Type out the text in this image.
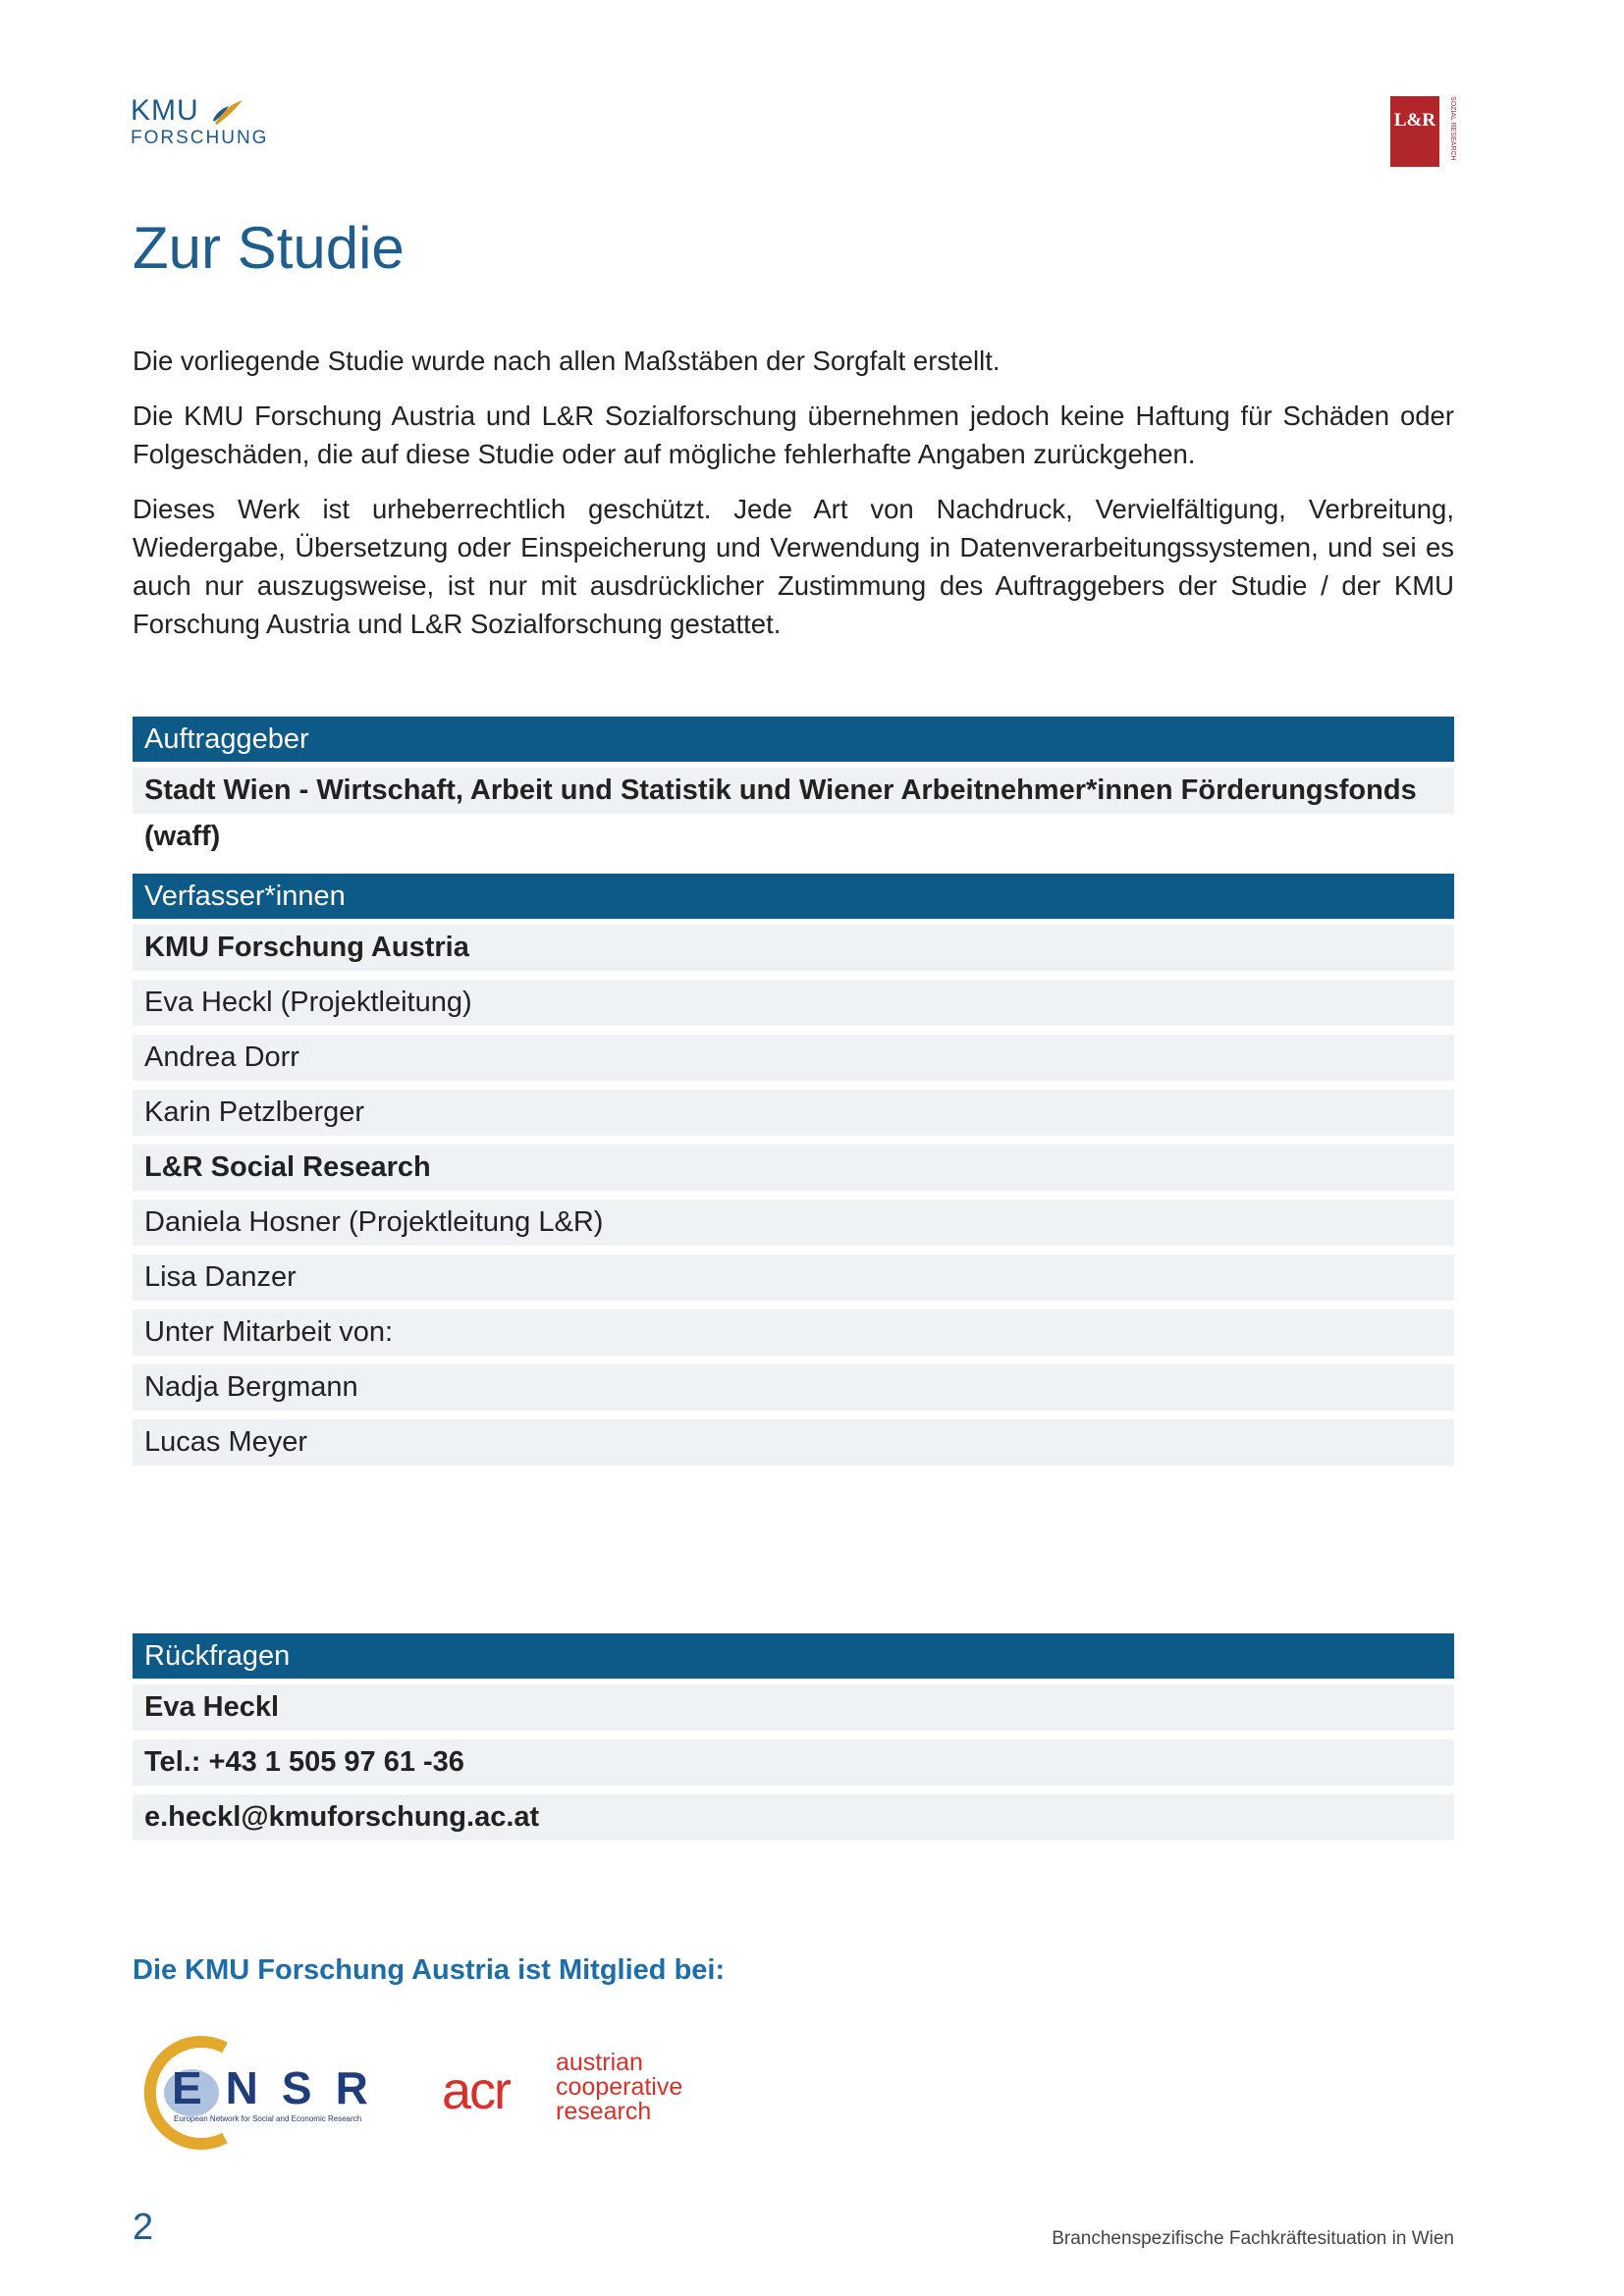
KMU
FORSCHUNG
L&R SOZIAL RESEARCH
Zur Studie

Die vorliegende Studie wurde nach allen Maßstäben der Sorgfalt erstellt.

Die KMU Forschung Austria und L&R Sozialforschung übernehmen jedoch keine Haftung für Schäden oder Folgeschäden, die auf diese Studie oder auf mögliche fehlerhafte Angaben zurückgehen.

Dieses Werk ist urheberrechtlich geschützt. Jede Art von Nachdruck, Vervielfältigung, Verbreitung, Wiedergabe, Übersetzung oder Einspeicherung und Verwendung in Datenverarbeitungssystemen, und sei es auch nur auszugsweise, ist nur mit ausdrücklicher Zustimmung des Auftraggebers der Studie / der KMU Forschung Austria und L&R Sozialforschung gestattet.

Auftraggeber
Stadt Wien - Wirtschaft, Arbeit und Statistik und Wiener Arbeitnehmer*innen Förderungsfonds (waff)
Verfasser*innen
KMU Forschung Austria
Eva Heckl (Projektleitung)
Andrea Dorr
Karin Petzlberger
L&R Social Research
Daniela Hosner (Projektleitung L&R)
Lisa Danzer
Unter Mitarbeit von:
Nadja Bergmann
Lucas Meyer
Rückfragen
Eva Heckl
Tel.: +43 1 505 97 61 -36
e.heckl@kmuforschung.ac.at
Die KMU Forschung Austria ist Mitglied bei:
ENSR
European Network for Social and Economic Research acr austrian
cooperative
research
2	Branchenspezifische Fachkräftesituation in Wien
